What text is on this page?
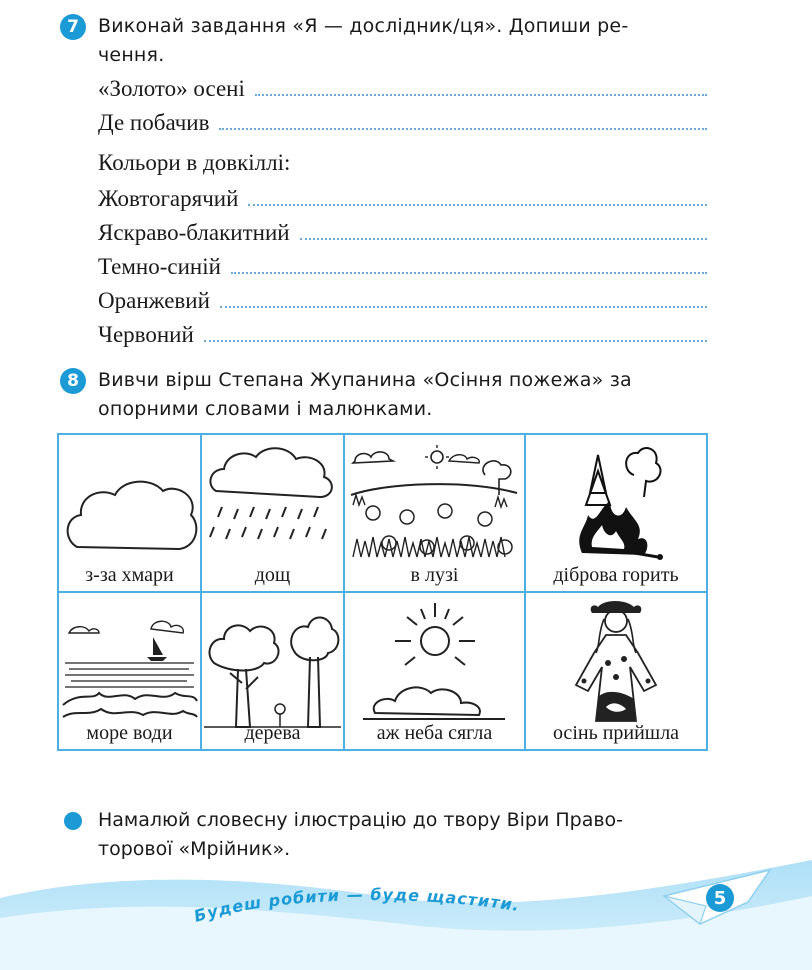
7	Виконай завдання «Я — дослідник/ця». Допиши ре-
чення.
«Золото» осені
Де побачив
Кольори в довкіллі:
Жовтогарячий
Яскраво-блакитний
Темно-синій
Оранжевий
Червоний
8	Вивчи вірш Степана Жупанина «Осіння пожежа» за
опорними словами і малюнками.
з-за хмари	дощ	в лузі	діброва горить

море води	дерева	аж неба сягла	осінь прийшла
Намалюй словесну ілюстрацію до твору Віри Право-
торової «Мрійник».
Будеш робити — буде щастити.	5
